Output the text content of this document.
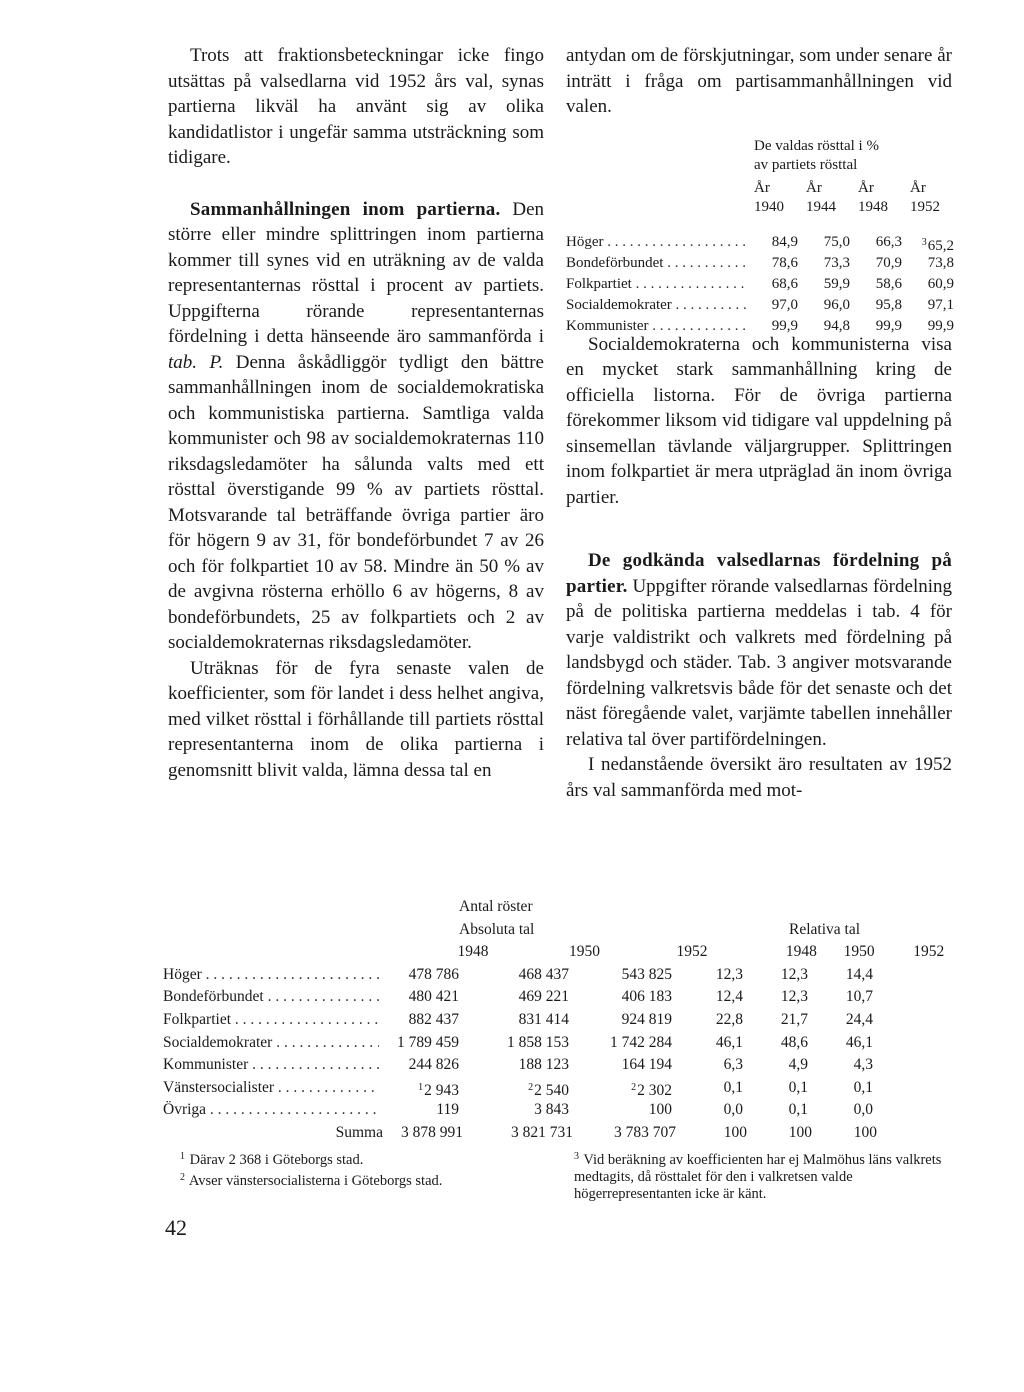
Trots att fraktionsbeteckningar icke fingo utsättas på valsedlarna vid 1952 års val, synas partierna likväl ha använt sig av olika kandidatlistor i ungefär samma utsträckning som tidigare.

Sammanhållningen inom partierna. Den större eller mindre splittringen inom partierna kommer till synes vid en uträkning av de valda representanternas rösttal i procent av partiets. Uppgifterna rörande representanternas fördelning i detta hänseende äro sammanförda i tab. P. Denna åskådliggör tydligt den bättre sammanhållningen inom de socialdemokratiska och kommunistiska partierna. Samtliga valda kommunister och 98 av socialdemokraternas 110 riksdagsledamöter ha sålunda valts med ett rösttal överstigande 99 % av partiets rösttal. Motsvarande tal beträffande övriga partier äro för högern 9 av 31, för bondeförbundet 7 av 26 och för folkpartiet 10 av 58. Mindre än 50 % av de avgivna rösterna erhöllo 6 av högerns, 8 av bondeförbundets, 25 av folkpartiets och 2 av socialdemokraternas riksdagsledamöter.

Uträknas för de fyra senaste valen de koefficienter, som för landet i dess helhet angiva, med vilket rösttal i förhållande till partiets rösttal representanterna inom de olika partierna i genomsnitt blivit valda, lämna dessa tal en

antydan om de förskjutningar, som under senare år inträtt i fråga om partisammanhållningen vid valen.

Socialdemokraterna och kommunisterna visa en mycket stark sammanhållning kring de officiella listorna. För de övriga partierna förekommer liksom vid tidigare val uppdelning på sinsemellan tävlande väljargrupper. Splittringen inom folkpartiet är mera utpräglad än inom övriga partier.

De godkända valsedlarnas fördelning på partier. Uppgifter rörande valsedlarnas fördelning på de politiska partierna meddelas i tab. 4 för varje valdistrikt och valkrets med fördelning på landsbygd och städer. Tab. 3 angiver motsvarande fördelning valkretsvis både för det senaste och det näst föregående valet, varjämte tabellen innehåller relativa tal över partifördelningen.

I nedanstående översikt äro resultaten av 1952 års val sammanförda med mot-

De valdas rösttal i %
av partiets rösttal
År	År	År	År
1940	1944	1948	1952
Höger . . .	84,9	75,0	66,3	$^3$65,2
Bondeförbundet . . .	78,6	73,3	70,9	73,8
Folkpartiet . . .	68,6	59,9	58,6	60,9
Socialdemokrater . . .	97,0	96,0	95,8	97,1
Kommunister . . .	99,9	94,8	99,9	99,9
Antal röster
Absoluta tal	Relativa tal
1948	1950	1952	1948	1950	1952
Höger . . .	478 786	468 437	543 825	12,3	12,3	14,4
Bondeförbundet . . .	480 421	469 221	406 183	12,4	12,3	10,7
Folkpartiet . . .	882 437	831 414	924 819	22,8	21,7	24,4
Socialdemokrater . . .	1 789 459	1 858 153	1 742 284	46,1	48,6	46,1
Kommunister . . .	244 826	188 123	164 194	6,3	4,9	4,3
Vänstersocialister . . .	$^1$2 943	$^2$2 540	$^2$2 302	0,1	0,1	0,1
Övriga . . .	119	3 843	100	0,0	0,1	0,0
Summa	3 878 991	3 821 731	3 783 707	100	100	100
$^1$ Därav 2 368 i Göteborgs stad.
$^2$ Avser vänstersocialisterna i Göteborgs stad.
$^3$ Vid beräkning av koefficienten har ej Malmöhus läns valkrets medtagits, då rösttalet för den i valkretsen valde högerrepresentanten icke är känt.
42
